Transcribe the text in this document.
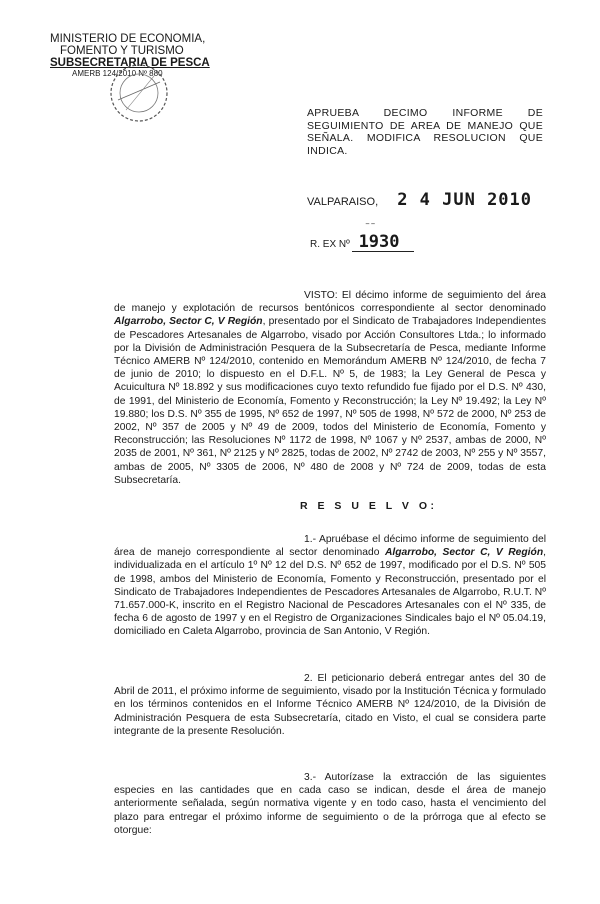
MINISTERIO DE ECONOMIA,
FOMENTO Y TURISMO
SUBSECRETARIA DE PESCA
AMERB 124/2010 Nº 880
APRUEBA DECIMO INFORME DE
SEGUIMIENTO DE AREA DE MANEJO QUE
SEÑALA. MODIFICA RESOLUCION QUE
INDICA.
VALPARAISO, 2 4 JUN 2010
‾ ‾
R. EX Nº 1930
VISTO: El décimo informe de seguimiento del área de manejo y explotación de recursos bentónicos correspondiente al sector denominado Algarrobo, Sector C, V Región, presentado por el Sindicato de Trabajadores Independientes de Pescadores Artesanales de Algarrobo, visado por Acción Consultores Ltda.; lo informado por la División de Administración Pesquera de la Subsecretaría de Pesca, mediante Informe Técnico AMERB Nº 124/2010, contenido en Memorándum AMERB Nº 124/2010, de fecha 7 de junio de 2010; lo dispuesto en el D.F.L. Nº 5, de 1983; la Ley General de Pesca y Acuicultura Nº 18.892 y sus modificaciones cuyo texto refundido fue fijado por el D.S. Nº 430, de 1991, del Ministerio de Economía, Fomento y Reconstrucción; la Ley Nº 19.492; la Ley Nº 19.880; los D.S. Nº 355 de 1995, Nº 652 de 1997, Nº 505 de 1998, Nº 572 de 2000, Nº 253 de 2002, Nº 357 de 2005 y Nº 49 de 2009, todos del Ministerio de Economía, Fomento y Reconstrucción; las Resoluciones Nº 1172 de 1998, Nº 1067 y Nº 2537, ambas de 2000, Nº 2035 de 2001, Nº 361, Nº 2125 y Nº 2825, todas de 2002, Nº 2742 de 2003, Nº 255 y Nº 3557, ambas de 2005, Nº 3305 de 2006, Nº 480 de 2008 y Nº 724 de 2009, todas de esta Subsecretaría.
R E S U E L V O:
1.- Apruébase el décimo informe de seguimiento del área de manejo correspondiente al sector denominado Algarrobo, Sector C, V Región, individualizada en el artículo 1º Nº 12 del D.S. Nº 652 de 1997, modificado por el D.S. Nº 505 de 1998, ambos del Ministerio de Economía, Fomento y Reconstrucción, presentado por el Sindicato de Trabajadores Independientes de Pescadores Artesanales de Algarrobo, R.U.T. Nº 71.657.000-K, inscrito en el Registro Nacional de Pescadores Artesanales con el Nº 335, de fecha 6 de agosto de 1997 y en el Registro de Organizaciones Sindicales bajo el Nº 05.04.19, domiciliado en Caleta Algarrobo, provincia de San Antonio, V Región.
2. El peticionario deberá entregar antes del 30 de Abril de 2011, el próximo informe de seguimiento, visado por la Institución Técnica y formulado en los términos contenidos en el Informe Técnico AMERB Nº 124/2010, de la División de Administración Pesquera de esta Subsecretaría, citado en Visto, el cual se considera parte integrante de la presente Resolución.
3.- Autorízase la extracción de las siguientes especies en las cantidades que en cada caso se indican, desde el área de manejo anteriormente señalada, según normativa vigente y en todo caso, hasta el vencimiento del plazo para entregar el próximo informe de seguimiento o de la prórroga que al efecto se otorgue:
